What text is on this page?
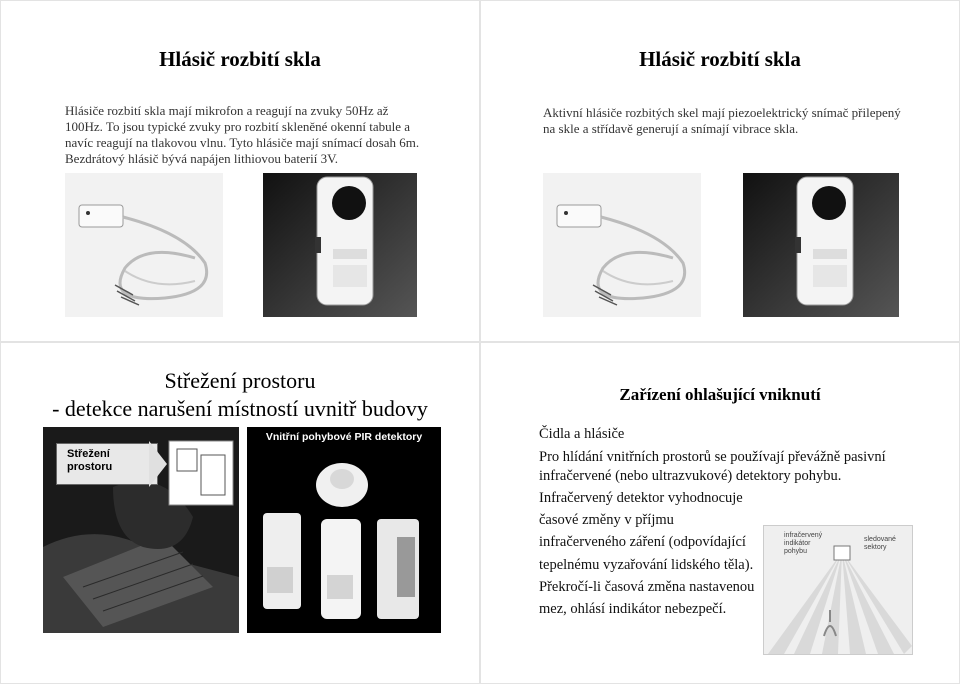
Hlásič rozbití skla
Hlásiče rozbití skla mají mikrofon a reagují na zvuky 50Hz až
100Hz. To jsou typické zvuky pro rozbití skleněné okenní tabule a
navíc reagují na tlakovou vlnu. Tyto hlásiče mají snímací dosah 6m.
Bezdrátový hlásič bývá napájen lithiovou baterií 3V.
Hlásič rozbití skla
Aktivní hlásiče rozbitých skel mají piezoelektrický snímač přilepený
na skle a střídavě generují a snímají vibrace skla.
Střežení prostoru
- detekce narušení místností uvnitř budovy
Střežení prostoru
Vnitřní pohybové PIR detektory
Zařízení ohlašující vniknutí
Čidla a hlásiče
Pro hlídání vnitřních prostorů se používají převážně pasivní
infračervené (nebo ultrazvukové) detektory pohybu.
Infračervený detektor vyhodnocuje
časové změny v příjmu
infračerveného záření (odpovídající
tepelnému vyzařování lidského těla).
Překročí-li časová změna nastavenou
mez, ohlásí indikátor nebezpečí.
infračervený indikátor pohybu
sledované sektory
